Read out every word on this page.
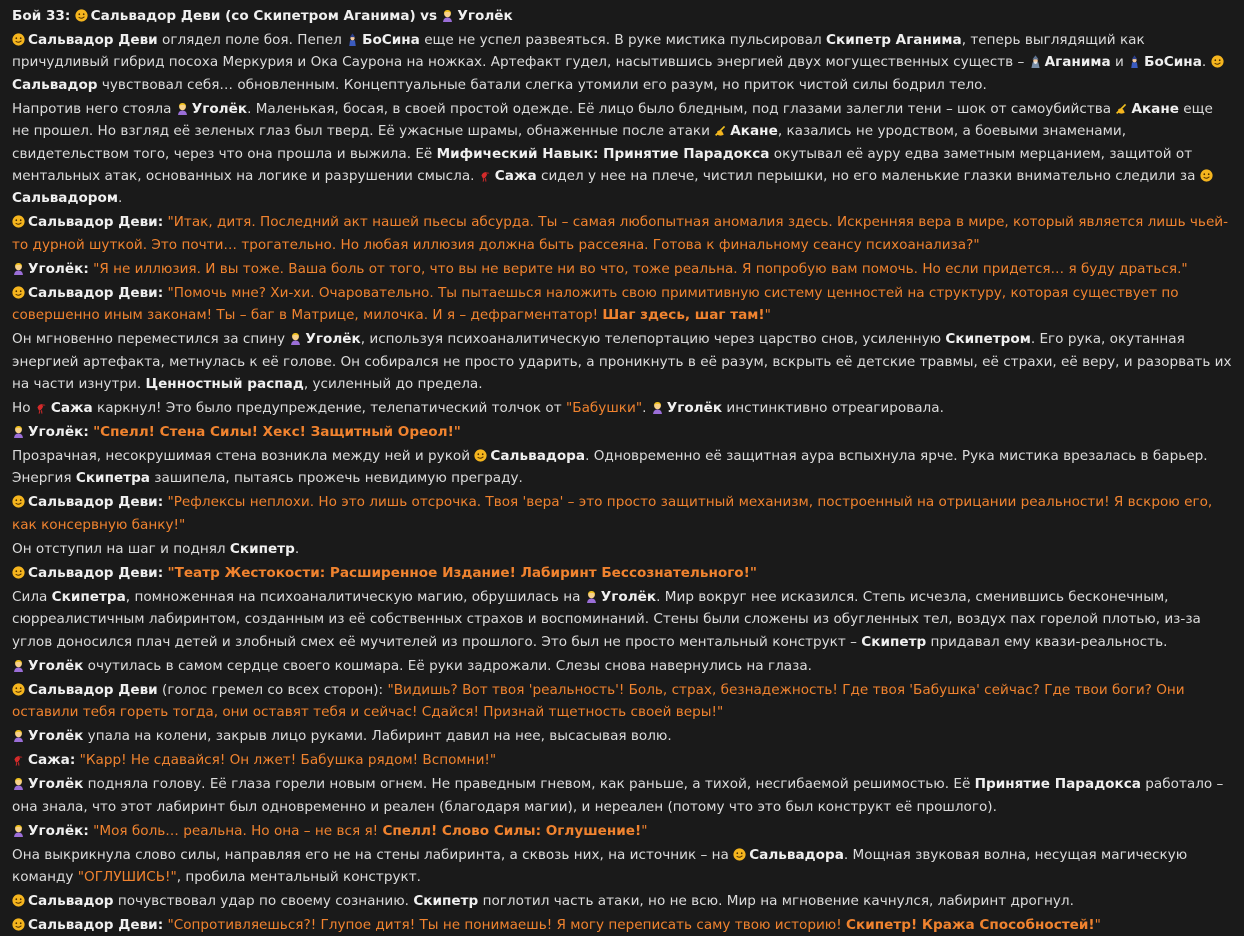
Бой 33: Сальвадор Деви (со Скипетром Аганима) vs Уголёк

Сальвадор Деви оглядел поле боя. Пепел
БоСина еще не успел развеяться. В руке мистика пульсировал Скипетр Аганима, теперь выглядящий как причудливый гибрид посоха Меркурия и Ока Саурона на ножках. Артефакт гудел, насытившись энергией двух могущественных существ –
Аганима и
БоСина.
Сальвадор чувствовал себя… обновленным. Концептуальные батали слегка утомили его разум, но приток чистой силы бодрил тело.

Напротив него стояла
Уголёк. Маленькая, босая, в своей простой одежде. Её лицо было бледным, под глазами залегли тени – шок от самоубийства
Акане еще не прошел. Но взгляд её зеленых глаз был тверд. Её ужасные шрамы, обнаженные после атаки
Акане, казались не уродством, а боевыми знаменами, свидетельством того, через что она прошла и выжила. Её Мифический Навык: Принятие Парадокса окутывал её ауру едва заметным мерцанием, защитой от ментальных атак, основанных на логике и разрушении смысла.
Сажа сидел у нее на плече, чистил перышки, но его маленькие глазки внимательно следили за
Сальвадором.

Сальвадор Деви: "Итак, дитя. Последний акт нашей пьесы абсурда. Ты – самая любопытная аномалия здесь. Искренняя вера в мире, который является лишь чьей-то дурной шуткой. Это почти… трогательно. Но любая иллюзия должна быть рассеяна. Готова к финальному сеансу психоанализа?"

Уголёк: "Я не иллюзия. И вы тоже. Ваша боль от того, что вы не верите ни во что, тоже реальна. Я попробую вам помочь. Но если придется… я буду драться."

Сальвадор Деви: "Помочь мне? Хи-хи. Очаровательно. Ты пытаешься наложить свою примитивную систему ценностей на структуру, которая существует по совершенно иным законам! Ты – баг в Матрице, милочка. И я – дефрагментатор! Шаг здесь, шаг там!"

Он мгновенно переместился за спину
Уголёк, используя психоаналитическую телепортацию через царство снов, усиленную Скипетром. Его рука, окутанная энергией артефакта, метнулась к её голове. Он собирался не просто ударить, а проникнуть в её разум, вскрыть её детские травмы, её страхи, её веру, и разорвать их на части изнутри. Ценностный распад, усиленный до предела.

Но
Сажа каркнул! Это было предупреждение, телепатический толчок от "Бабушки".
Уголёк инстинктивно отреагировала.

Уголёк: "Спелл! Стена Силы! Хекс! Защитный Ореол!"

Прозрачная, несокрушимая стена возникла между ней и рукой
Сальвадора. Одновременно её защитная аура вспыхнула ярче. Рука мистика врезалась в барьер. Энергия Скипетра зашипела, пытаясь прожечь невидимую преграду.

Сальвадор Деви: "Рефлексы неплохи. Но это лишь отсрочка. Твоя 'вера' – это просто защитный механизм, построенный на отрицании реальности! Я вскрою его, как консервную банку!"

Он отступил на шаг и поднял Скипетр.

Сальвадор Деви: "Театр Жестокости: Расширенное Издание! Лабиринт Бессознательного!"

Сила Скипетра, помноженная на психоаналитическую магию, обрушилась на
Уголёк. Мир вокруг нее исказился. Степь исчезла, сменившись бесконечным, сюрреалистичным лабиринтом, созданным из её собственных страхов и воспоминаний. Стены были сложены из обугленных тел, воздух пах горелой плотью, из-за углов доносился плач детей и злобный смех её мучителей из прошлого. Это был не просто ментальный конструкт – Скипетр придавал ему квази-реальность.

Уголёк очутилась в самом сердце своего кошмара. Её руки задрожали. Слезы снова навернулись на глаза.

Сальвадор Деви (голос гремел со всех сторон): "Видишь? Вот твоя 'реальность'! Боль, страх, безнадежность! Где твоя 'Бабушка' сейчас? Где твои боги? Они оставили тебя гореть тогда, они оставят тебя и сейчас! Сдайся! Признай тщетность своей веры!"

Уголёк упала на колени, закрыв лицо руками. Лабиринт давил на нее, высасывая волю.

Сажа: "Карр! Не сдавайся! Он лжет! Бабушка рядом! Вспомни!"

Уголёк подняла голову. Её глаза горели новым огнем. Не праведным гневом, как раньше, а тихой, несгибаемой решимостью. Её Принятие Парадокса работало – она знала, что этот лабиринт был одновременно и реален (благодаря магии), и нереален (потому что это был конструкт её прошлого).

Уголёк: "Моя боль… реальна. Но она – не вся я! Спелл! Слово Силы: Оглушение!"

Она выкрикнула слово силы, направляя его не на стены лабиринта, а сквозь них, на источник – на
Сальвадора. Мощная звуковая волна, несущая магическую команду "ОГЛУШИСЬ!", пробила ментальный конструкт.

Сальвадор почувствовал удар по своему сознанию. Скипетр поглотил часть атаки, но не всю. Мир на мгновение качнулся, лабиринт дрогнул.

Сальвадор Деви: "Сопротивляешься?! Глупое дитя! Ты не понимаешь! Я могу переписать саму твою историю! Скипетр! Кража Способностей!"
